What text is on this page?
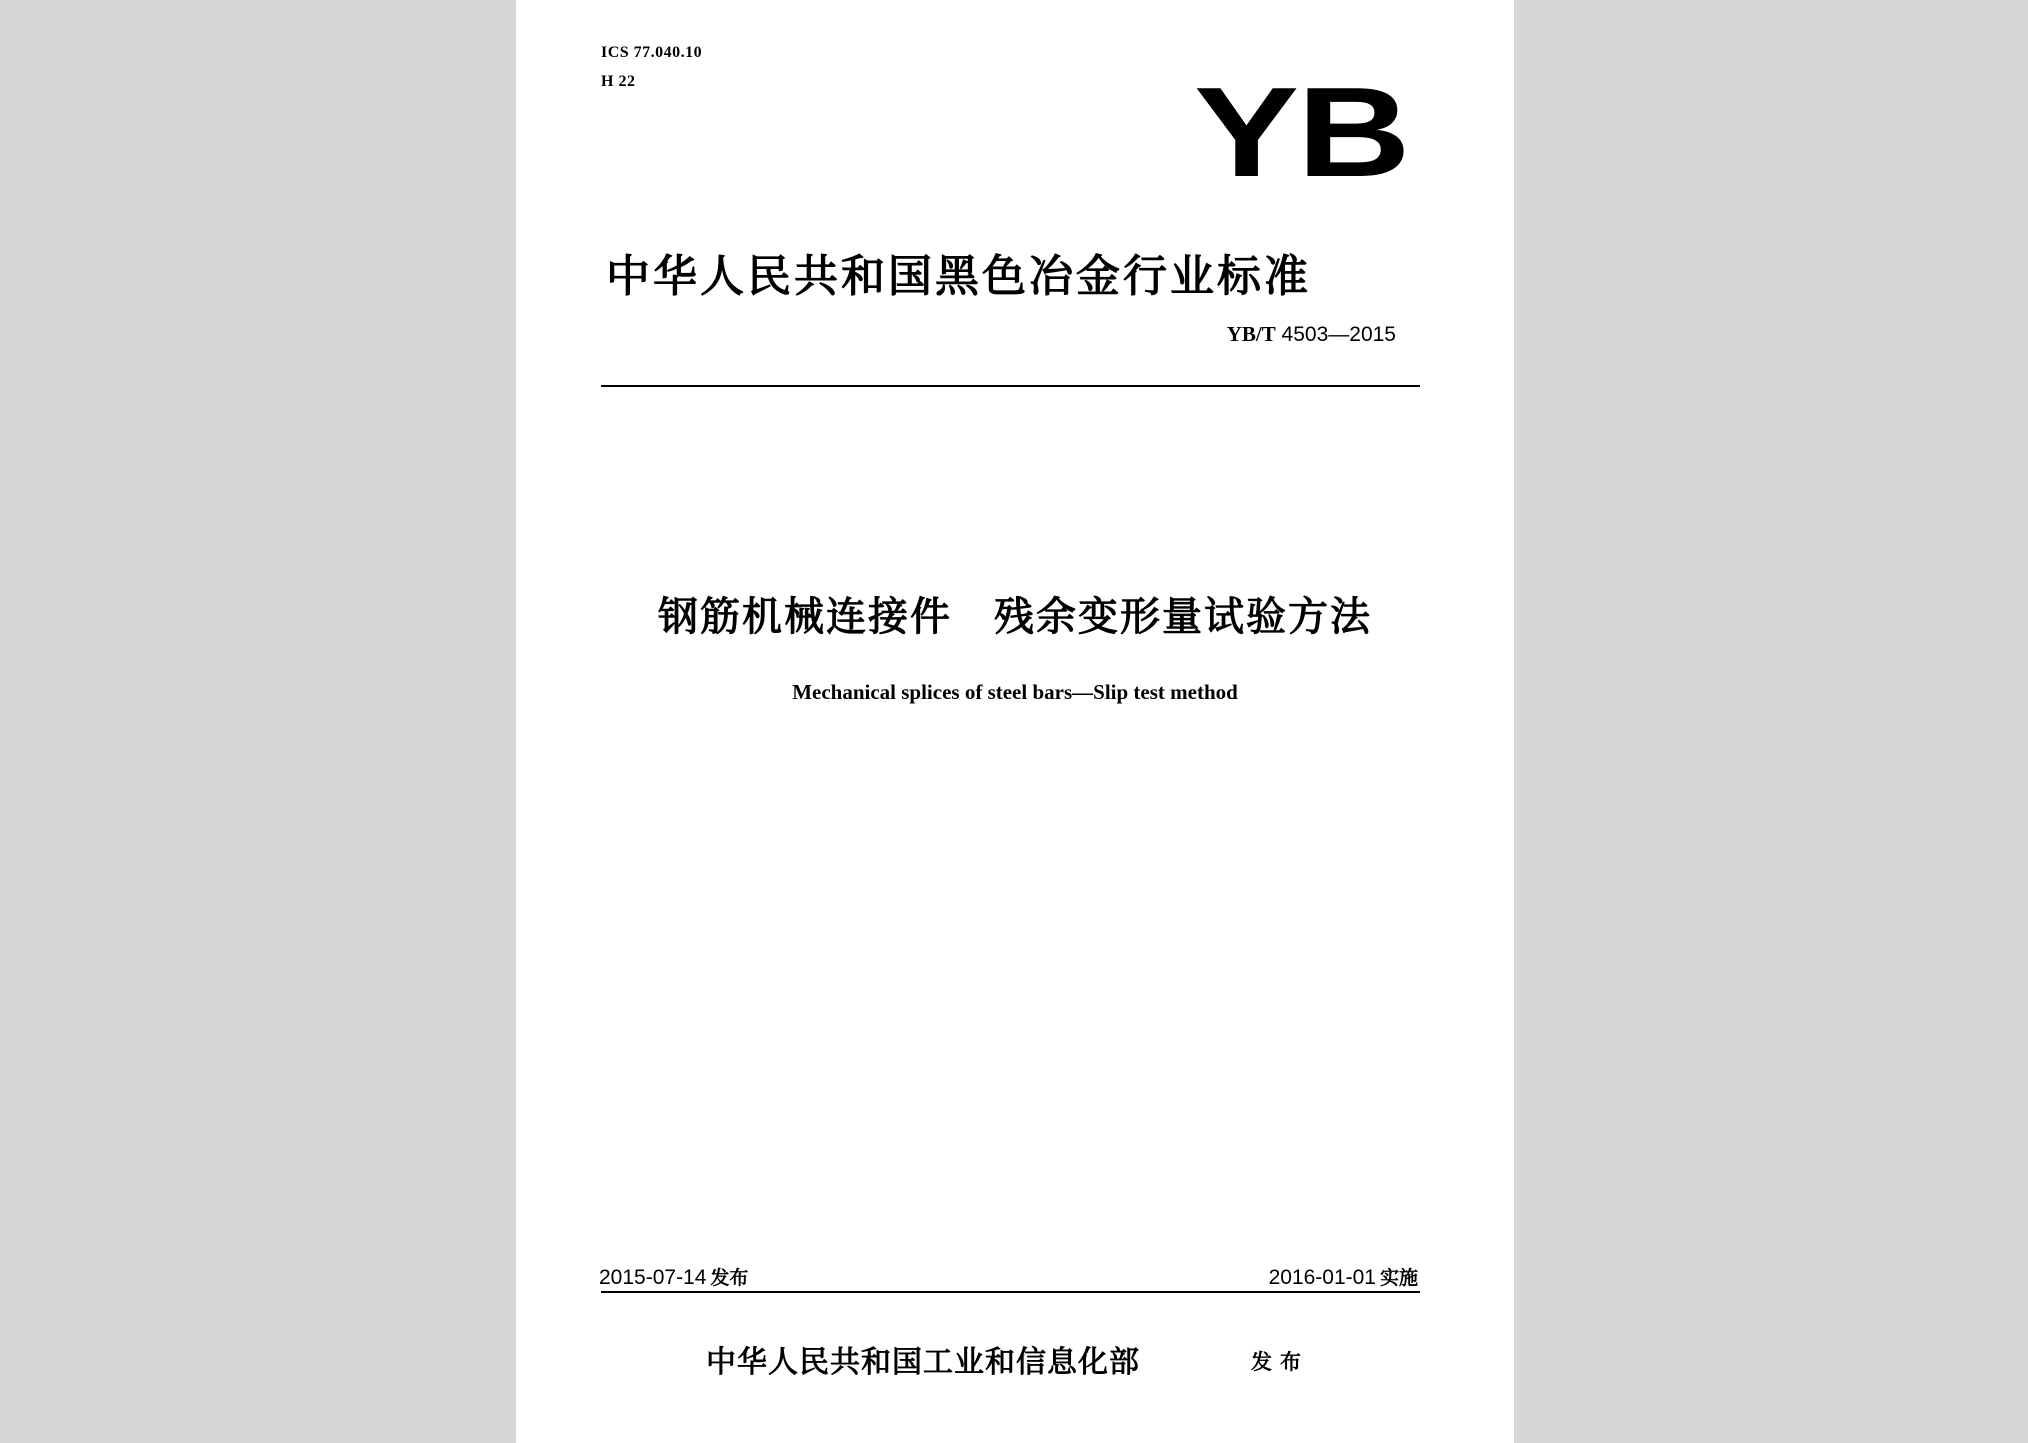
ICS 77.040.10
H 22	YB
中华人民共和国黑色冶金行业标准
YB/T 4503—2015
钢筋机械连接件　残余变形量试验方法
Mechanical splices of steel bars—Slip test method
2015-07-14 发布	2016-01-01 实施
中华人民共和国工业和信息化部	发布
